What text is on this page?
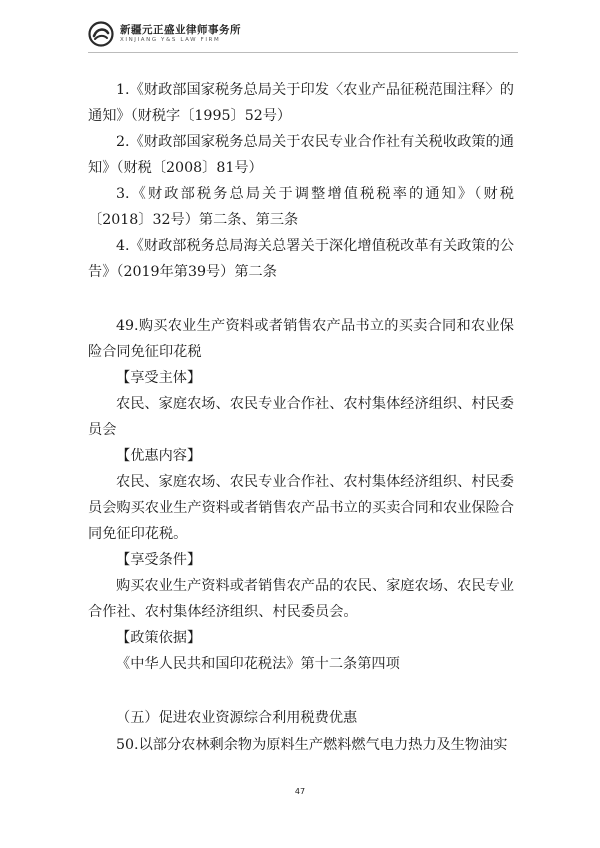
新疆元正盛业律师事务所
XINJIANG Y&S LAW FIRM

1.《财政部国家税务总局关于印发〈农业产品征税范围注释〉的通知》（财税字〔1995〕52号）

2.《财政部国家税务总局关于农民专业合作社有关税收政策的通知》（财税〔2008〕81号）

3.《财政部税务总局关于调整增值税税率的通知》（财税〔2018〕32号）第二条、第三条

4.《财政部税务总局海关总署关于深化增值税改革有关政策的公告》（2019年第39号）第二条

49.购买农业生产资料或者销售农产品书立的买卖合同和农业保险合同免征印花税

【享受主体】

农民、家庭农场、农民专业合作社、农村集体经济组织、村民委员会

【优惠内容】

农民、家庭农场、农民专业合作社、农村集体经济组织、村民委员会购买农业生产资料或者销售农产品书立的买卖合同和农业保险合同免征印花税。

【享受条件】

购买农业生产资料或者销售农产品的农民、家庭农场、农民专业合作社、农村集体经济组织、村民委员会。

【政策依据】

《中华人民共和国印花税法》第十二条第四项

（五）促进农业资源综合利用税费优惠

50.以部分农林剩余物为原料生产燃料燃气电力热力及生物油实

47
